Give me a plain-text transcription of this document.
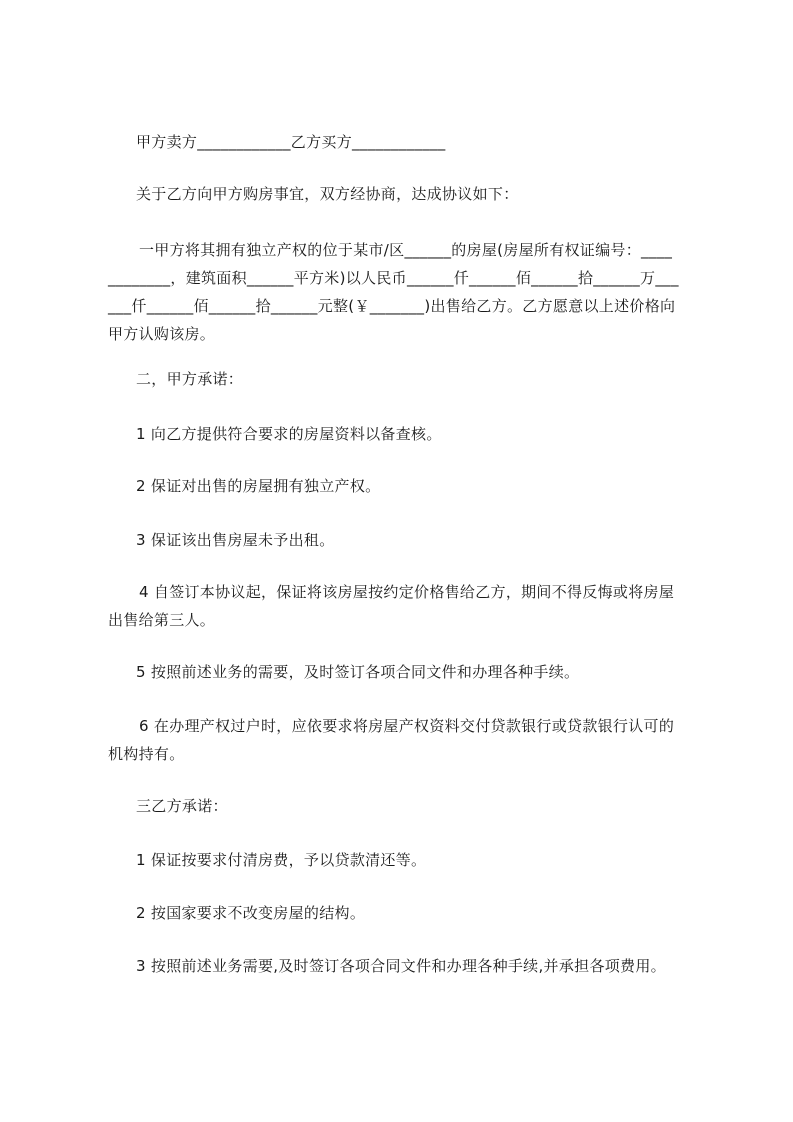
甲方卖方____________乙方买方____________

关于乙方向甲方购房事宜，双方经协商，达成协议如下：

一甲方将其拥有独立产权的位于某市/区______的房屋(房屋所有权证编号：____
________，建筑面积______平方米)以人民币______仟______佰______拾______万___
___仟______佰______拾______元整(￥_______)出售给乙方。乙方愿意以上述价格向
甲方认购该房。

二，甲方承诺：

1 向乙方提供符合要求的房屋资料以备查核。

2 保证对出售的房屋拥有独立产权。

3 保证该出售房屋未予出租。

4 自签订本协议起，保证将该房屋按约定价格售给乙方，期间不得反悔或将房屋
出售给第三人。

5 按照前述业务的需要，及时签订各项合同文件和办理各种手续。

6 在办理产权过户时，应依要求将房屋产权资料交付贷款银行或贷款银行认可的
机构持有。

三乙方承诺：

1 保证按要求付清房费，予以贷款清还等。

2 按国家要求不改变房屋的结构。

3 按照前述业务需要,及时签订各项合同文件和办理各种手续,并承担各项费用。
